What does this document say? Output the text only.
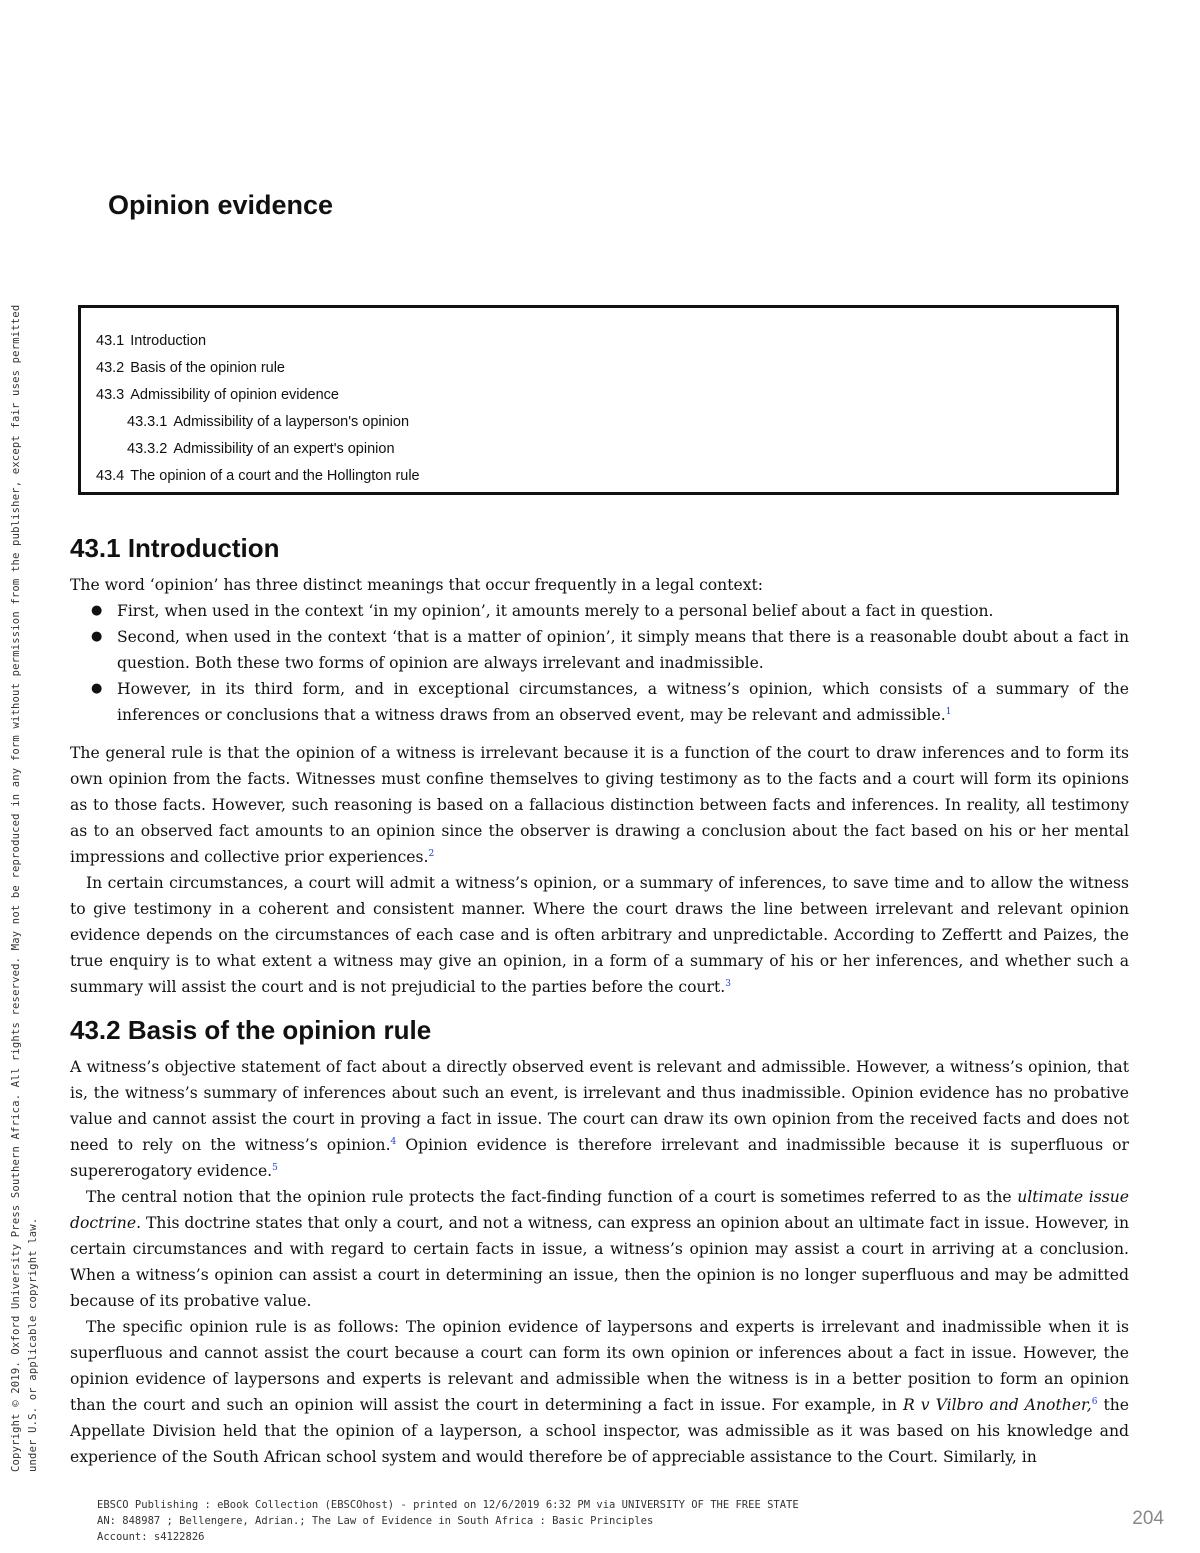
Copyright © 2019. Oxford University Press Southern Africa. All rights reserved. May not be reproduced in any form without permission from the publisher, except fair uses permitted under U.S. or applicable copyright law.
Opinion evidence
43.1 Introduction
43.2 Basis of the opinion rule
43.3 Admissibility of opinion evidence
43.3.1 Admissibility of a layperson's opinion
43.3.2 Admissibility of an expert's opinion
43.4 The opinion of a court and the Hollington rule
43.1 Introduction

The word ‘opinion’ has three distinct meanings that occur frequently in a legal context:

● First, when used in the context ‘in my opinion’, it amounts merely to a personal belief about a fact in question.
● Second, when used in the context ‘that is a matter of opinion’, it simply means that there is a reasonable doubt about a fact in question. Both these two forms of opinion are always irrelevant and inadmissible.
● However, in its third form, and in exceptional circumstances, a witness’s opinion, which consists of a summary of the inferences or conclusions that a witness draws from an observed event, may be relevant and admissible.$^1$

The general rule is that the opinion of a witness is irrelevant because it is a function of the court to draw inferences and to form its own opinion from the facts. Witnesses must confine themselves to giving testimony as to the facts and a court will form its opinions as to those facts. However, such reasoning is based on a fallacious distinction between facts and inferences. In reality, all testimony as to an observed fact amounts to an opinion since the observer is drawing a conclusion about the fact based on his or her mental impressions and collective prior experiences.$^2$

In certain circumstances, a court will admit a witness’s opinion, or a summary of inferences, to save time and to allow the witness to give testimony in a coherent and consistent manner. Where the court draws the line between irrelevant and relevant opinion evidence depends on the circumstances of each case and is often arbitrary and unpredictable. According to Zeffertt and Paizes, the true enquiry is to what extent a witness may give an opinion, in a form of a summary of his or her inferences, and whether such a summary will assist the court and is not prejudicial to the parties before the court.$^3$

43.2 Basis of the opinion rule

A witness’s objective statement of fact about a directly observed event is relevant and admissible. However, a witness’s opinion, that is, the witness’s summary of inferences about such an event, is irrelevant and thus inadmissible. Opinion evidence has no probative value and cannot assist the court in proving a fact in issue. The court can draw its own opinion from the received facts and does not need to rely on the witness’s opinion.$^4$ Opinion evidence is therefore irrelevant and inadmissible because it is superfluous or supererogatory evidence.$^5$

The central notion that the opinion rule protects the fact-finding function of a court is sometimes referred to as the ultimate issue doctrine. This doctrine states that only a court, and not a witness, can express an opinion about an ultimate fact in issue. However, in certain circumstances and with regard to certain facts in issue, a witness’s opinion may assist a court in arriving at a conclusion. When a witness’s opinion can assist a court in determining an issue, then the opinion is no longer superfluous and may be admitted because of its probative value.

The specific opinion rule is as follows: The opinion evidence of laypersons and experts is irrelevant and inadmissible when it is superfluous and cannot assist the court because a court can form its own opinion or inferences about a fact in issue. However, the opinion evidence of laypersons and experts is relevant and admissible when the witness is in a better position to form an opinion than the court and such an opinion will assist the court in determining a fact in issue. For example, in R v Vilbro and Another,$^6$ the Appellate Division held that the opinion of a layperson, a school inspector, was admissible as it was based on his knowledge and experience of the South African school system and would therefore be of appreciable assistance to the Court. Similarly, in

EBSCO Publishing : eBook Collection (EBSCOhost) - printed on 12/6/2019 6:32 PM via UNIVERSITY OF THE FREE STATE
AN: 848987 ; Bellengere, Adrian.; The Law of Evidence in South Africa : Basic Principles
Account: s4122826
204
